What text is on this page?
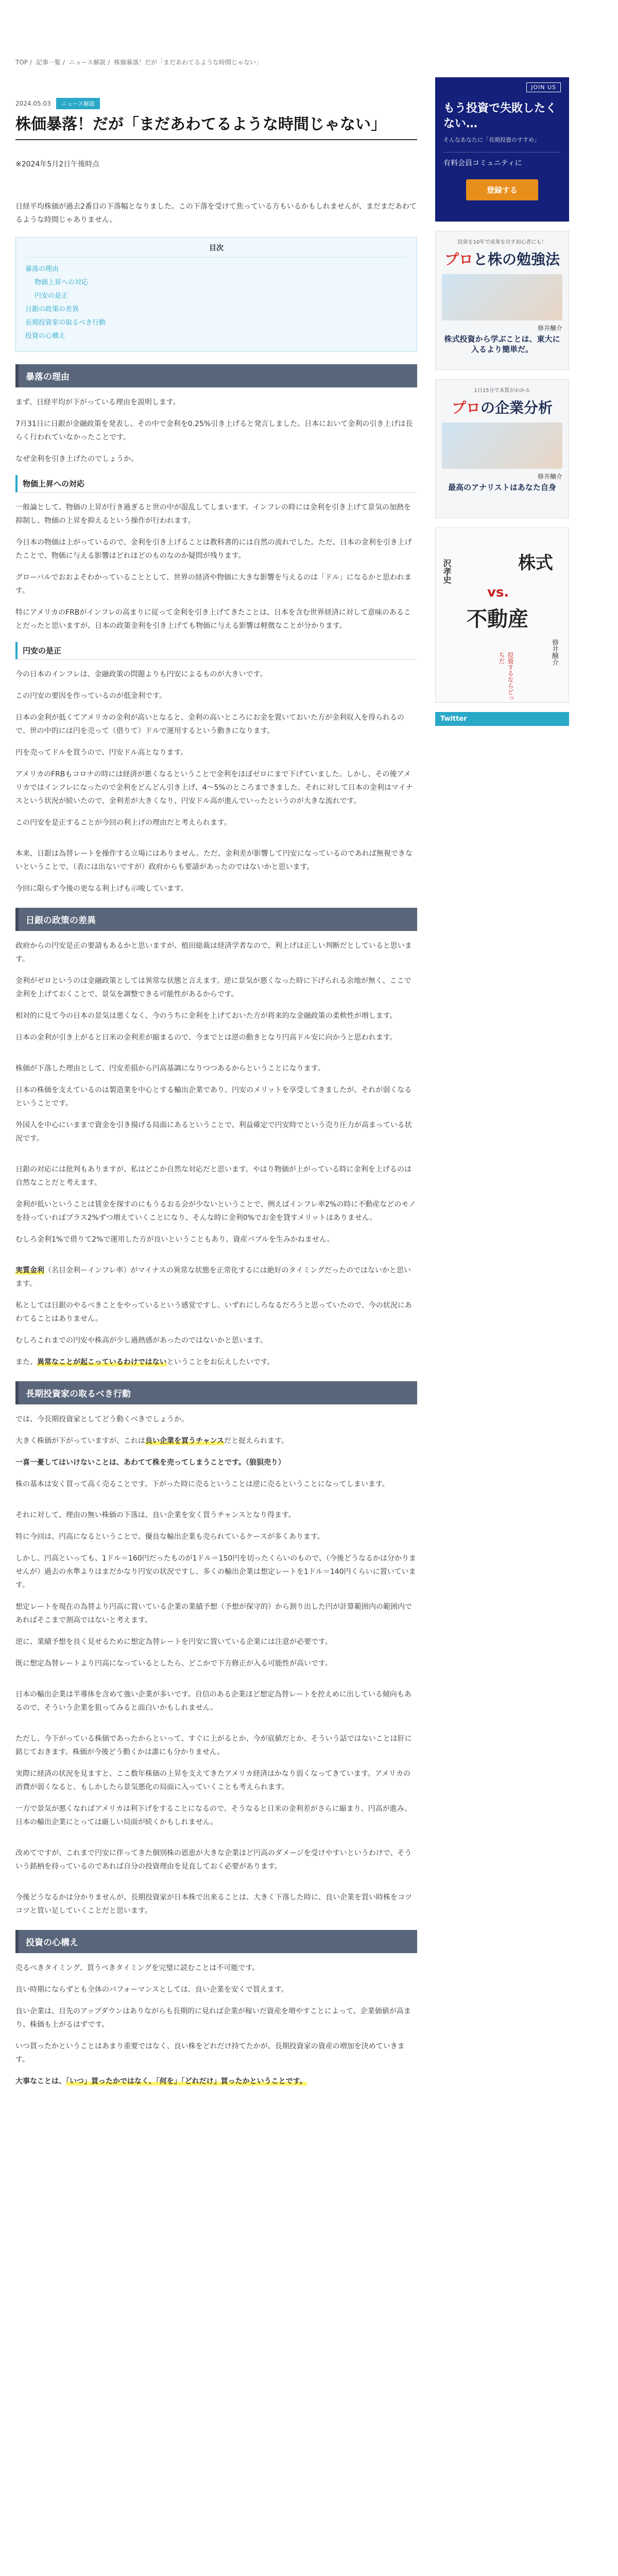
TOP / 記事一覧 / ニュース解説 / 株価暴落！だが「まだあわてるような時間じゃない」
2024.05.03	ニュース解説
株価暴落！だが「まだあわてるような時間じゃない」

※2024年5月2日午後時点

日経平均株価が過去2番目の下落幅となりました。この下落を受けて焦っている方もいるかもしれませんが、まだまだあわてるような時間じゃありません。

目次
暴落の理由
物価上昇への対応
円安の是正
日銀の政策の差異
長期投資家の取るべき行動
投資の心構え
暴落の理由

まず、日経平均が下がっている理由を説明します。

7月31日に日銀が金融政策を発表し、その中で金利を0.25%引き上げると発言しました。日本において金利の引き上げは長らく行われていなかったことです。

なぜ金利を引き上げたのでしょうか。

物価上昇への対応

一般論として、物価の上昇が行き過ぎると世の中が混乱してしまいます。インフレの時には金利を引き上げて景気の加熱を抑制し、物価の上昇を抑えるという操作が行われます。

今日本の物価は上がっているので、金利を引き上げることは教科書的には自然の流れでした。ただ、日本の金利を引き上げたことで、物価に与える影響はどれほどのものなのか疑問が残ります。

グローバルでおおよそわかっていることとして、世界の経済や物価に大きな影響を与えるのは「ドル」になるかと思われます。

特にアメリカのFRBがインフレの高まりに従って金利を引き上げてきたことは、日本を含む世界経済に対して意味のあることだったと思いますが、日本の政策金利を引き上げても物価に与える影響は軽微なことが分かります。

円安の是正

今の日本のインフレは、金融政策の問題よりも円安によるものが大きいです。

この円安の要因を作っているのが低金利です。

日本の金利が低くてアメリカの金利が高いとなると、金利の高いところにお金を置いておいた方が金利収入を得られるので、世の中的には円を売って（借りて）ドルで運用するという動きになります。

円を売ってドルを買うので、円安ドル高となります。

アメリカのFRBもコロナの時には経済が悪くなるということで金利をほぼゼロにまで下げていました。しかし、その後アメリカではインフレになったので金利をどんどん引き上げ、4〜5%のところまできました。それに対して日本の金利はマイナスという状況が続いたので、金利差が大きくなり、円安ドル高が進んでいったというのが大きな流れです。

この円安を是正することが今回の利上げの理由だと考えられます。

本来、日銀は為替レートを操作する立場にはありません。ただ、金利差が影響して円安になっているのであれば無視できないということで、（表には出ないですが）政府からも要請があったのではないかと思います。

今回に限らず今後の更なる利上げも示唆しています。

日銀の政策の差異

政府からの円安是正の要請もあるかと思いますが、植田総裁は経済学者なので、利上げは正しい判断だとしていると思います。

金利がゼロというのは金融政策としては異常な状態と言えます。逆に景気が悪くなった時に下げられる余地が無く、ここで金利を上げておくことで、景気を調整できる可能性があるからです。

相対的に見て今の日本の景気は悪くなく、今のうちに金利を上げておいた方が将来的な金融政策の柔軟性が増します。

日本の金利が引き上がると日米の金利差が縮まるので、今までとは逆の動きとなり円高ドル安に向かうと思われます。

株価が下落した理由として、円安差損から円高基調になりつつあるからということになります。

日本の株価を支えているのは製造業を中心とする輸出企業であり、円安のメリットを享受してきましたが、それが弱くなるということです。

外国人を中心にいままで資金を引き揚げる局面にあるということで、利益確定で円安時でという売り圧力が高まっている状況です。

日銀の対応には批判もありますが、私はどこか自然な対応だと思います。やはり物価が上がっている時に金利を上げるのは自然なことだと考えます。

金利が低いということは賃金を探すのにもうるおる会が少ないということで、例えばインフレ率2%の時に不動産などのモノを持っていればプラス2%ずつ増えていくことになり、そんな時に金利0%でお金を貸すメリットはありません。

むしろ金利1%で借りて2%で運用した方が良いということもあり、資産バブルを生みかねません。

実質金利（名目金利ーインフレ率）がマイナスの異常な状態を正常化するには絶好のタイミングだったのではないかと思います。

私としては日銀のやるべきことをやっているという感覚ですし、いずれにしろなるだろうと思っていたので、今の状況にあわてることはありません。

むしろこれまでの円安や株高が少し過熱感があったのではないかと思います。

また、異常なことが起こっているわけではないということをお伝えしたいです。

長期投資家の取るべき行動

では、今長期投資家としてどう動くべきでしょうか。

大きく株価が下がっていますが、これは良い企業を買うチャンスだと捉えられます。

一喜一憂してはいけないことは、あわてて株を売ってしまうことです。（狼狽売り）

株の基本は安く買って高く売ることです。下がった時に売るということは逆に売るということになってしまいます。

それに対して、理由の無い株価の下落は、良い企業を安く買うチャンスとなり得ます。

特に今回は、円高になるということで、優良な輸出企業も売られているケースが多くあります。

しかし、円高といっても、1ドル＝160円だったものが1ドル＝150円を切ったくらいのもので、（今後どうなるかは分かりませんが）過去の水準よりはまだかなり円安の状況ですし、多くの輸出企業は想定レートを1ドル＝140円くらいに置いています。

想定レートを現在の為替より円高に置いている企業の業績予想（予想が保守的）から割り出した円が計算範囲内の範囲内であればそこまで割高ではないと考えます。

逆に、業績予想を良く見せるために想定為替レートを円安に置いている企業には注意が必要です。

既に想定為替レートより円高になっているとしたら、どこかで下方修正が入る可能性が高いです。

日本の輸出企業は半導体を含めて強い企業が多いです。自信のある企業ほど想定為替レートを控えめに出している傾向もあるので、そういう企業を狙ってみると面白いかもしれません。

ただし、今下がっている株価であったからといって、すぐに上がるとか、今が底値だとか、そういう話ではないことは肝に銘じておきます。株価が今後どう動くかは誰にも分かりません。

実際に経済の状況を見ますと、ここ数年株価の上昇を支えてきたアメリカ経済はかなり弱くなってきています。アメリカの消費が弱くなると、もしかしたら景気悪化の局面に入っていくことも考えられます。

一方で景気が悪くなればアメリカは利下げをすることになるので、そうなると日米の金利差がさらに縮まり、円高が進み、日本の輸出企業にとっては厳しい局面が続くかもしれません。

改めてですが、これまで円安に伴ってきた個別株の恩恵が大きな企業ほど円高のダメージを受けやすいというわけで、そういう銘柄を持っているのであれば自分の投資理由を見直しておく必要があります。

今後どうなるかは分かりませんが、長期投資家が日本株で出来ることは、大きく下落した時に、良い企業を買い時株をコツコツと買い足していくことだと思います。

投資の心構え

売るべきタイミング、買うべきタイミングを完璧に読むことは不可能です。

良い時期にならずとも全体のパフォーマンスとしては、良い企業を安くで買えます。

良い企業は、目先のアップダウンはありながらも長期的に見れば企業が稼いだ資産を増やすことによって、企業価値が高まり、株価も上がるはずです。

いつ買ったかということはあまり重要ではなく、良い株をどれだけ持てたかが、長期投資家の資産の増加を決めていきます。

大事なことは、「いつ」買ったかではなく、「何を」「どれだけ」買ったかということです。

JOIN US
もう投資で失敗したくない…
そんなあなたに「長期投資のすすめ」
有料会員コミュニティに
登録する
投資を10年で成果を出す初心者にも！
プロと株の勉強法
修井醸介
株式投資から学ぶことは、東大に入るより簡単だ。
1日15分で本質がわかる
プロの企業分析
修井醸介
最高のアナリストはあなた自身
沢孝史	株式
vs.
不動産
投資するならどっちだ	修井醸介
Twitter
